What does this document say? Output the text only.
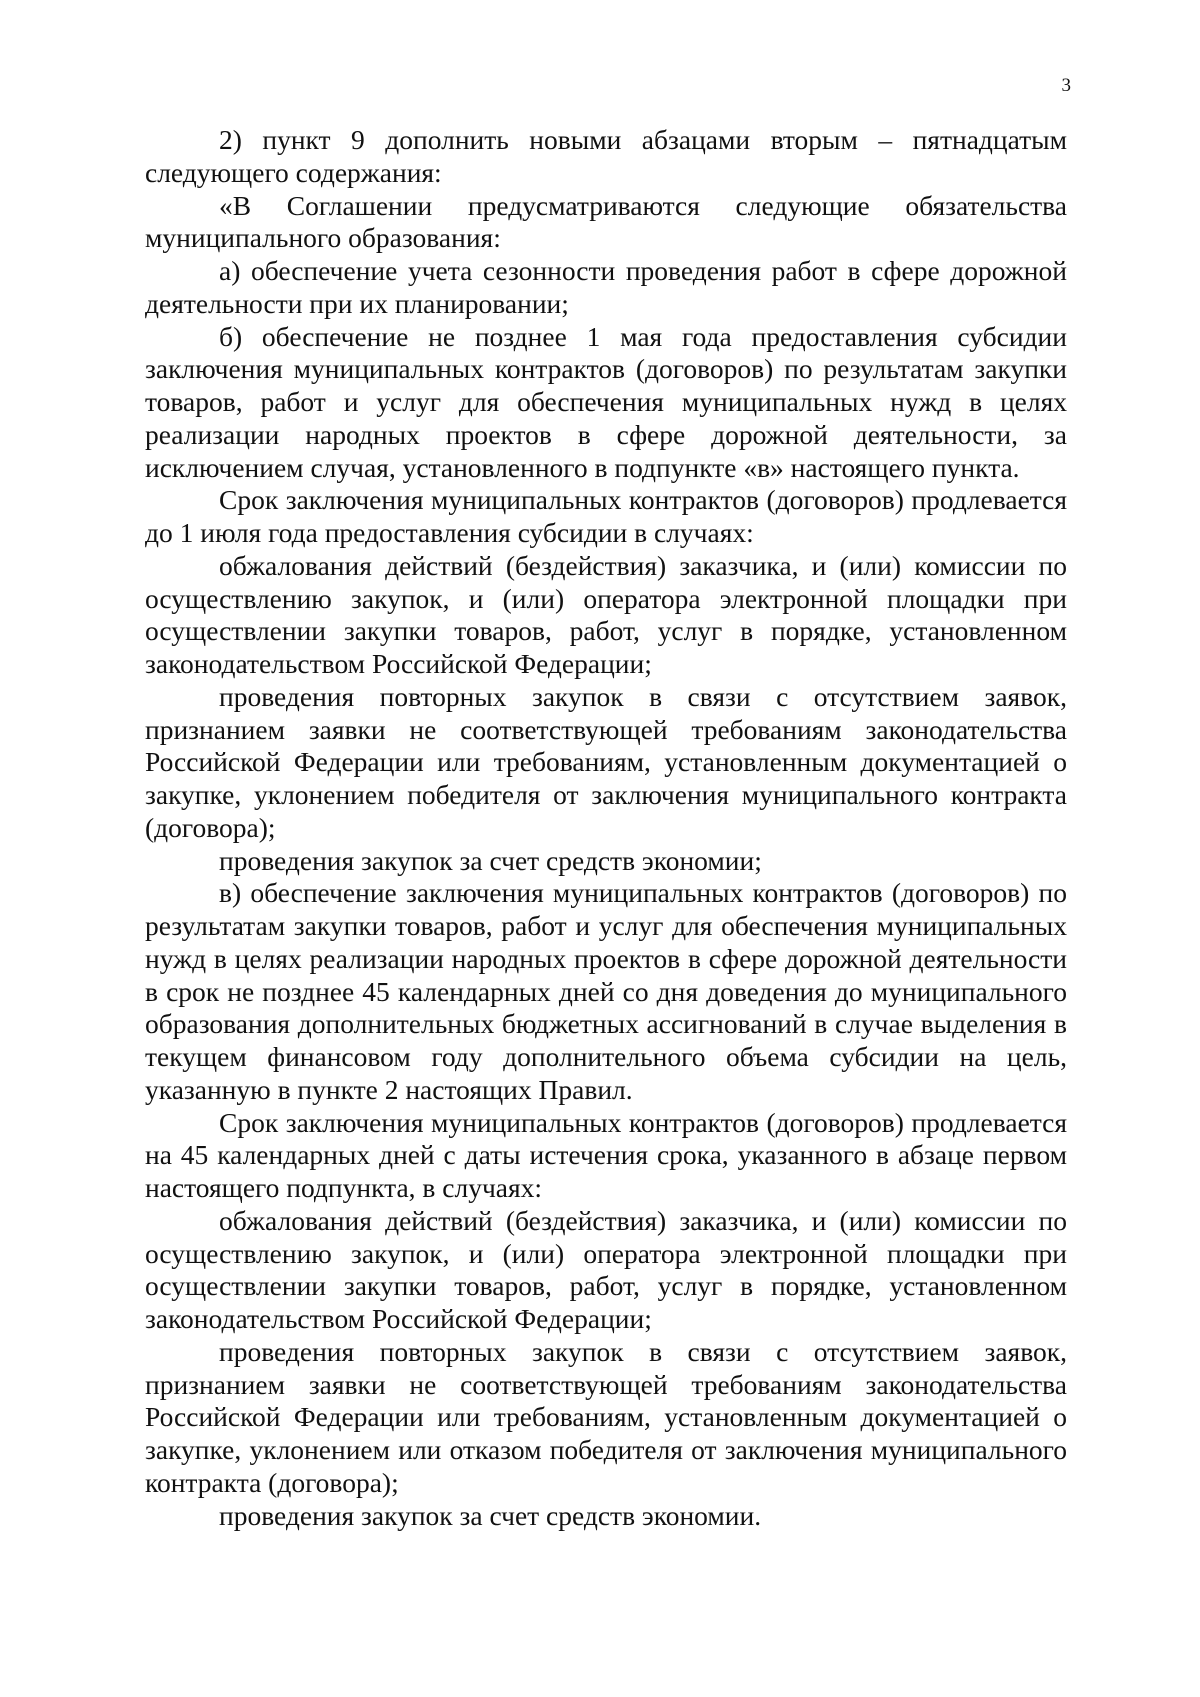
3

2) пункт 9 дополнить новыми абзацами вторым – пятнадцатым следующего содержания:

«В Соглашении предусматриваются следующие обязательства муниципального образования:

а) обеспечение учета сезонности проведения работ в сфере дорожной деятельности при их планировании;

б) обеспечение не позднее 1 мая года предоставления субсидии заключения муниципальных контрактов (договоров) по результатам закупки товаров, работ и услуг для обеспечения муниципальных нужд в целях реализации народных проектов в сфере дорожной деятельности, за исключением случая, установленного в подпункте «в» настоящего пункта.

Срок заключения муниципальных контрактов (договоров) продлевается до 1 июля года предоставления субсидии в случаях:

обжалования действий (бездействия) заказчика, и (или) комиссии по осуществлению закупок, и (или) оператора электронной площадки при осуществлении закупки товаров, работ, услуг в порядке, установленном законодательством Российской Федерации;

проведения повторных закупок в связи с отсутствием заявок, признанием заявки не соответствующей требованиям законодательства Российской Федерации или требованиям, установленным документацией о закупке, уклонением победителя от заключения муниципального контракта (договора);

проведения закупок за счет средств экономии;

в) обеспечение заключения муниципальных контрактов (договоров) по результатам закупки товаров, работ и услуг для обеспечения муниципальных нужд в целях реализации народных проектов в сфере дорожной деятельности в срок не позднее 45 календарных дней со дня доведения до муниципального образования дополнительных бюджетных ассигнований в случае выделения в текущем финансовом году дополнительного объема субсидии на цель, указанную в пункте 2 настоящих Правил.

Срок заключения муниципальных контрактов (договоров) продлевается на 45 календарных дней с даты истечения срока, указанного в абзаце первом настоящего подпункта, в случаях:

обжалования действий (бездействия) заказчика, и (или) комиссии по осуществлению закупок, и (или) оператора электронной площадки при осуществлении закупки товаров, работ, услуг в порядке, установленном законодательством Российской Федерации;

проведения повторных закупок в связи с отсутствием заявок, признанием заявки не соответствующей требованиям законодательства Российской Федерации или требованиям, установленным документацией о закупке, уклонением или отказом победителя от заключения муниципального контракта (договора);

проведения закупок за счет средств экономии.
